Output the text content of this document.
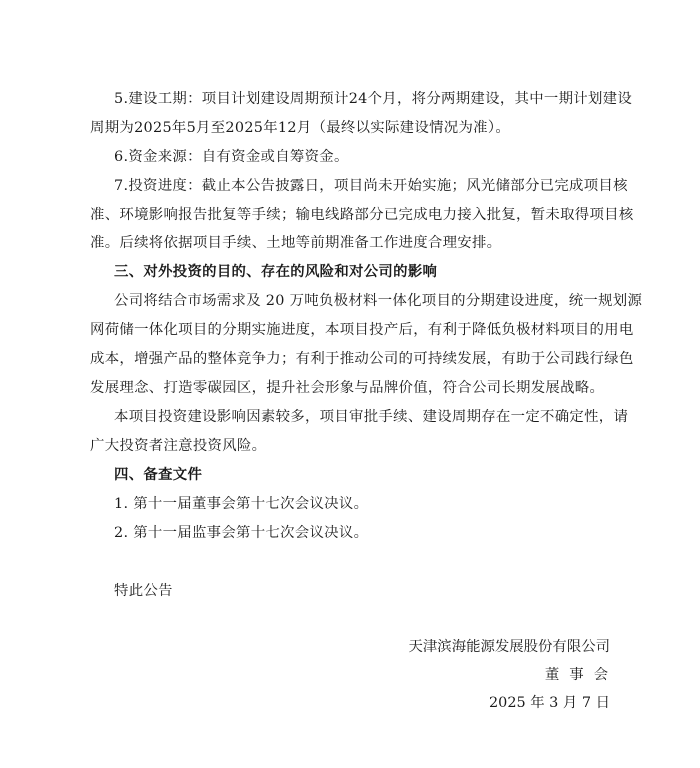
5.建设工期：项目计划建设周期预计24个月，将分两期建设，其中一期计划建设
周期为2025年5月至2025年12月（最终以实际建设情况为准）。
6.资金来源：自有资金或自筹资金。
7.投资进度：截止本公告披露日，项目尚未开始实施；风光储部分已完成项目核
准、环境影响报告批复等手续；输电线路部分已完成电力接入批复，暂未取得项目核
准。后续将依据项目手续、土地等前期准备工作进度合理安排。
三、对外投资的目的、存在的风险和对公司的影响
公司将结合市场需求及 20 万吨负极材料一体化项目的分期建设进度，统一规划源
网荷储一体化项目的分期实施进度，本项目投产后，有利于降低负极材料项目的用电
成本，增强产品的整体竞争力；有利于推动公司的可持续发展，有助于公司践行绿色
发展理念、打造零碳园区，提升社会形象与品牌价值，符合公司长期发展战略。
本项目投资建设影响因素较多，项目审批手续、建设周期存在一定不确定性，请
广大投资者注意投资风险。
四、备查文件
1. 第十一届董事会第十七次会议决议。
2. 第十一届监事会第十七次会议决议。
特此公告
天津滨海能源发展股份有限公司
董事会
2025 年 3 月 7 日
